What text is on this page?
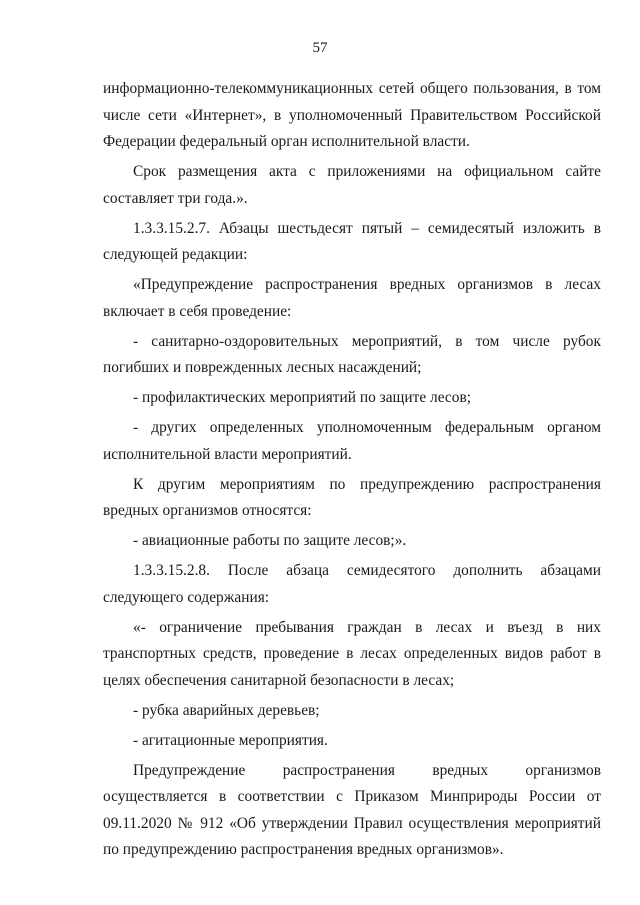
57

информационно-телекоммуникационных сетей общего пользования, в том числе сети «Интернет», в уполномоченный Правительством Российской Федерации федеральный орган исполнительной власти.

Срок размещения акта с приложениями на официальном сайте составляет три года.».

1.3.3.15.2.7. Абзацы шестьдесят пятый – семидесятый изложить в следующей редакции:

«Предупреждение распространения вредных организмов в лесах включает в себя проведение:

- санитарно-оздоровительных мероприятий, в том числе рубок погибших и поврежденных лесных насаждений;

- профилактических мероприятий по защите лесов;

- других определенных уполномоченным федеральным органом исполнительной власти мероприятий.

К другим мероприятиям по предупреждению распространения вредных организмов относятся:

- авиационные работы по защите лесов;».

1.3.3.15.2.8. После абзаца семидесятого дополнить абзацами следующего содержания:

«- ограничение пребывания граждан в лесах и въезд в них транспортных средств, проведение в лесах определенных видов работ в целях обеспечения санитарной безопасности в лесах;

- рубка аварийных деревьев;

- агитационные мероприятия.

Предупреждение распространения вредных организмов осуществляется в соответствии с Приказом Минприроды России от 09.11.2020 № 912 «Об утверждении Правил осуществления мероприятий по предупреждению распространения вредных организмов».
